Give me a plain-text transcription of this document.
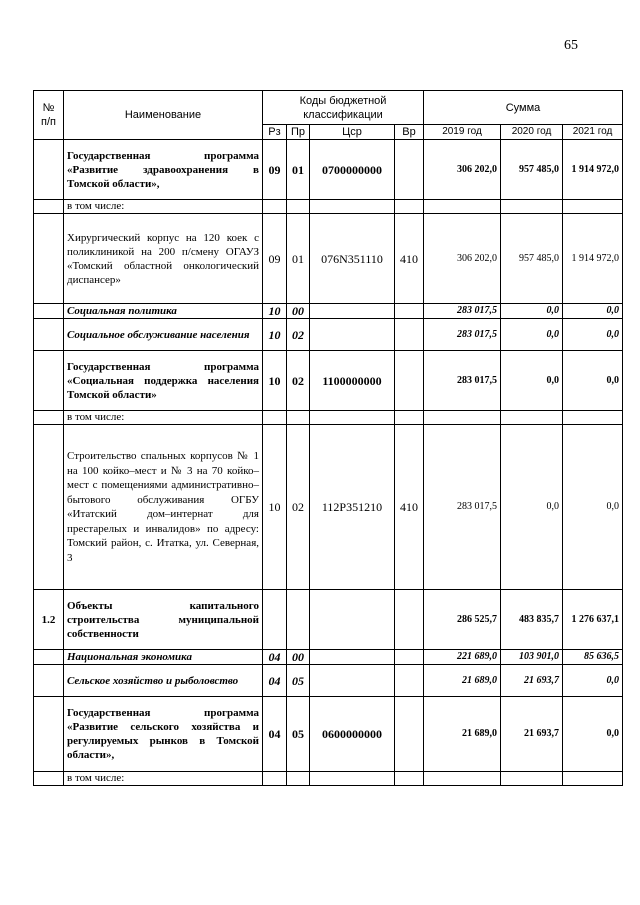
65
№ п/п	Наименование	Коды бюджетной классификации				Сумма		
		Рз	Пр	Цср	Вр	2019 год	2020 год	2021 год
	Государственная программа «Развитие здравоохранения в Томской области»,	09	01	0700000000		306 202,0	957 485,0	1 914 972,0
	в том числе:							
	Хирургический корпус на 120 коек с поликлиникой на 200 п/смену ОГАУЗ «Томский областной онкологический диспансер»	09	01	076N351110	410	306 202,0	957 485,0	1 914 972,0
	Социальная политика	10	00			283 017,5	0,0	0,0
	Социальное обслуживание населения	10	02			283 017,5	0,0	0,0
	Государственная программа «Социальная поддержка населения Томской области»	10	02	1100000000		283 017,5	0,0	0,0
	в том числе:							
	Строительство спальных корпусов № 1 на 100 койко–мест и № 3 на 70 койко–мест с помещениями административно–бытового обслуживания ОГБУ «Итатский дом–интернат для престарелых и инвалидов» по адресу: Томский район, с. Итатка, ул. Северная, 3	10	02	112P351210	410	283 017,5	0,0	0,0
1.2	Объекты капитального строительства муниципальной собственности					286 525,7	483 835,7	1 276 637,1
	Национальная экономика	04	00			221 689,0	103 901,0	85 636,5
	Сельское хозяйство и рыболовство	04	05			21 689,0	21 693,7	0,0
	Государственная программа «Развитие сельского хозяйства и регулируемых рынков в Томской области»,	04	05	0600000000		21 689,0	21 693,7	0,0
	в том числе:							
